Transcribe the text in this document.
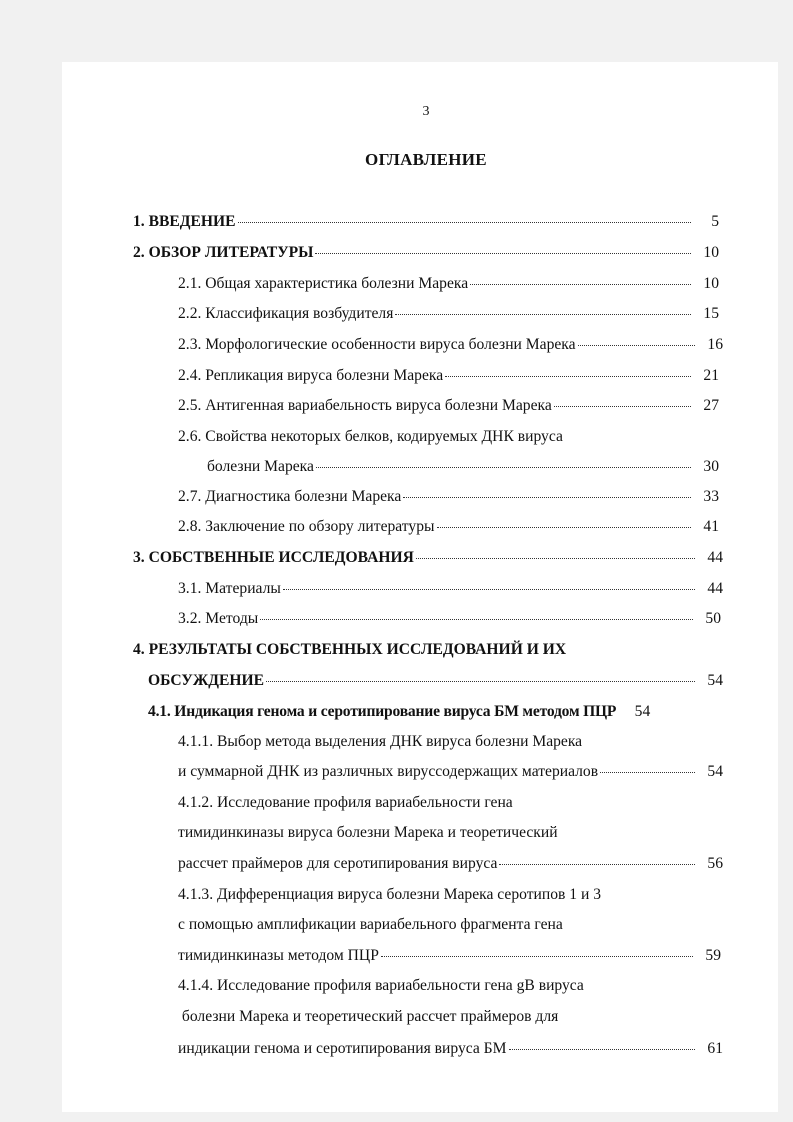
3
ОГЛАВЛЕНИЕ
1. ВВЕДЕНИЕ	5
2. ОБЗОР ЛИТЕРАТУРЫ	10
2.1. Общая характеристика болезни Марека	10
2.2. Классификация возбудителя	15
2.3. Морфологические особенности вируса болезни Марека	16
2.4. Репликация вируса болезни Марека	21
2.5. Антигенная вариабельность вируса болезни Марека	27
2.6. Свойства некоторых белков, кодируемых ДНК вируса
болезни Марека	30
2.7. Диагностика болезни Марека	33
2.8. Заключение по обзору литературы	41
3. СОБСТВЕННЫЕ ИССЛЕДОВАНИЯ	44
3.1. Материалы	44
3.2. Методы	50
4. РЕЗУЛЬТАТЫ СОБСТВЕННЫХ ИССЛЕДОВАНИЙ И ИХ
ОБСУЖДЕНИЕ	54
4.1. Индикация генома и серотипирование вируса БМ методом ПЦР	54
4.1.1. Выбор метода выделения ДНК вируса болезни Марека
и суммарной ДНК из различных вируссодержащих материалов	54
4.1.2. Исследование профиля вариабельности гена
тимидинкиназы вируса болезни Марека и теоретический
рассчет праймеров для серотипирования вируса	56
4.1.3. Дифференциация вируса болезни Марека серотипов 1 и 3
с помощью амплификации вариабельного фрагмента гена
тимидинкиназы методом ПЦР	59
4.1.4. Исследование профиля вариабельности гена gB вируса
болезни Марека и теоретический рассчет праймеров для
индикации генома и серотипирования вируса БМ	61
